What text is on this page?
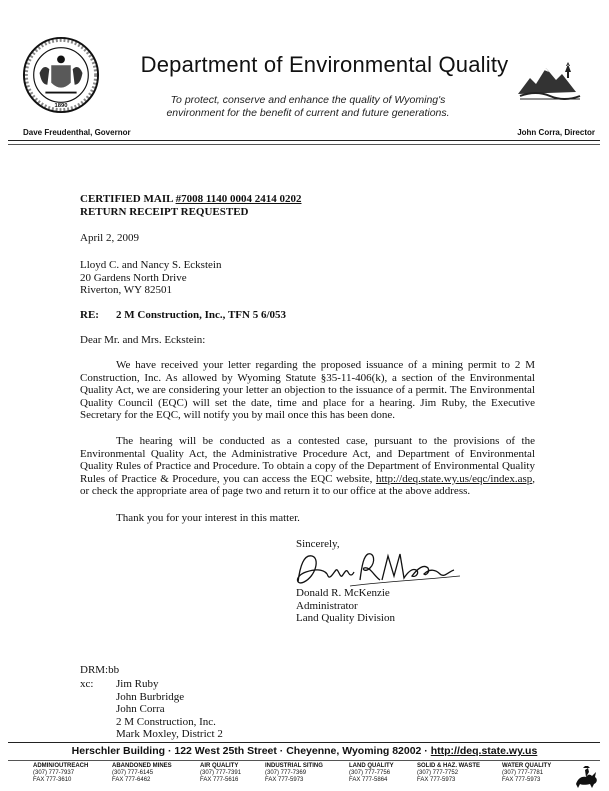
1890
Department of Environmental Quality
To protect, conserve and enhance the quality of Wyoming's
environment for the benefit of current and future generations.
Dave Freudenthal, Governor	John Corra, Director
CERTIFIED MAIL #7008 1140 0004 2414 0202
RETURN RECEIPT REQUESTED
April 2, 2009
Lloyd C. and Nancy S. Eckstein
20 Gardens North Drive
Riverton, WY 82501
RE: 2 M Construction, Inc., TFN 5 6/053
Dear Mr. and Mrs. Eckstein:
We have received your letter regarding the proposed issuance of a mining permit to 2 M Construction, Inc. As allowed by Wyoming Statute §35-11-406(k), a section of the Environmental Quality Act, we are considering your letter an objection to the issuance of a permit. The Environmental Quality Council (EQC) will set the date, time and place for a hearing. Jim Ruby, the Executive Secretary for the EQC, will notify you by mail once this has been done.
The hearing will be conducted as a contested case, pursuant to the provisions of the Environmental Quality Act, the Administrative Procedure Act, and Department of Environmental Quality Rules of Practice and Procedure. To obtain a copy of the Department of Environmental Quality Rules of Practice & Procedure, you can access the EQC website, http://deq.state.wy.us/eqc/index.asp, or check the appropriate area of page two and return it to our office at the above address.
Thank you for your interest in this matter.
Sincerely,
Donald R. McKenzie
Administrator
Land Quality Division
DRM:bb
xc: Jim Ruby
John Burbridge
John Corra
2 M Construction, Inc.
Mark Moxley, District 2
Herschler Building · 122 West 25th Street · Cheyenne, Wyoming 82002 · http://deq.state.wy.us
ADMIN/OUTREACH
(307) 777-7937
FAX 777-3610
ABANDONED MINES
(307) 777-6145
FAX 777-6462
AIR QUALITY
(307) 777-7391
FAX 777-5616
INDUSTRIAL SITING
(307) 777-7369
FAX 777-5973
LAND QUALITY
(307) 777-7756
FAX 777-5864
SOLID & HAZ. WASTE
(307) 777-7752
FAX 777-5973
WATER QUALITY
(307) 777-7781
FAX 777-5973
